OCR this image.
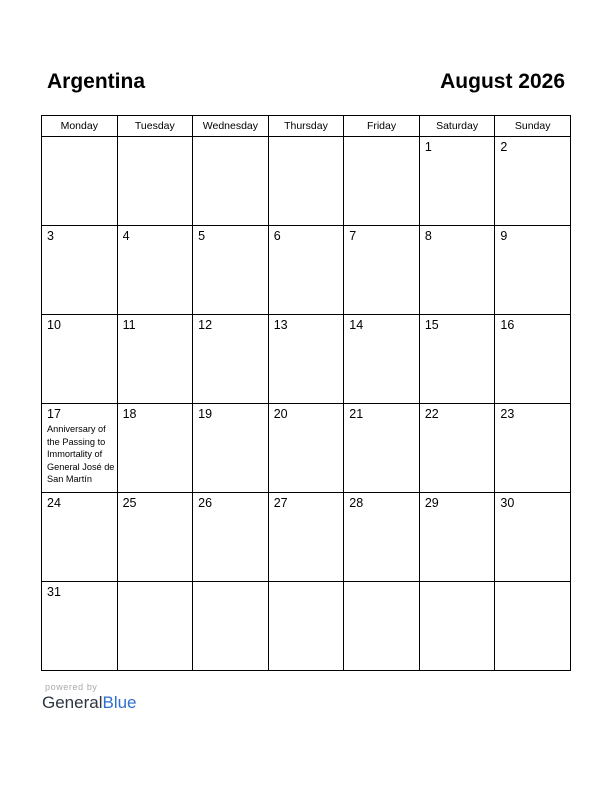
Argentina	August 2026
Monday	Tuesday	Wednesday	Thursday	Friday	Saturday	Sunday

					1	2

3	4	5	6	7	8	9

10	11	12	13	14	15	16

17
Anniversary of the Passing to Immortality of General José de San Martín	18	19	20	21	22	23

24	25	26	27	28	29	30

31						

powered by
GeneralBlue
